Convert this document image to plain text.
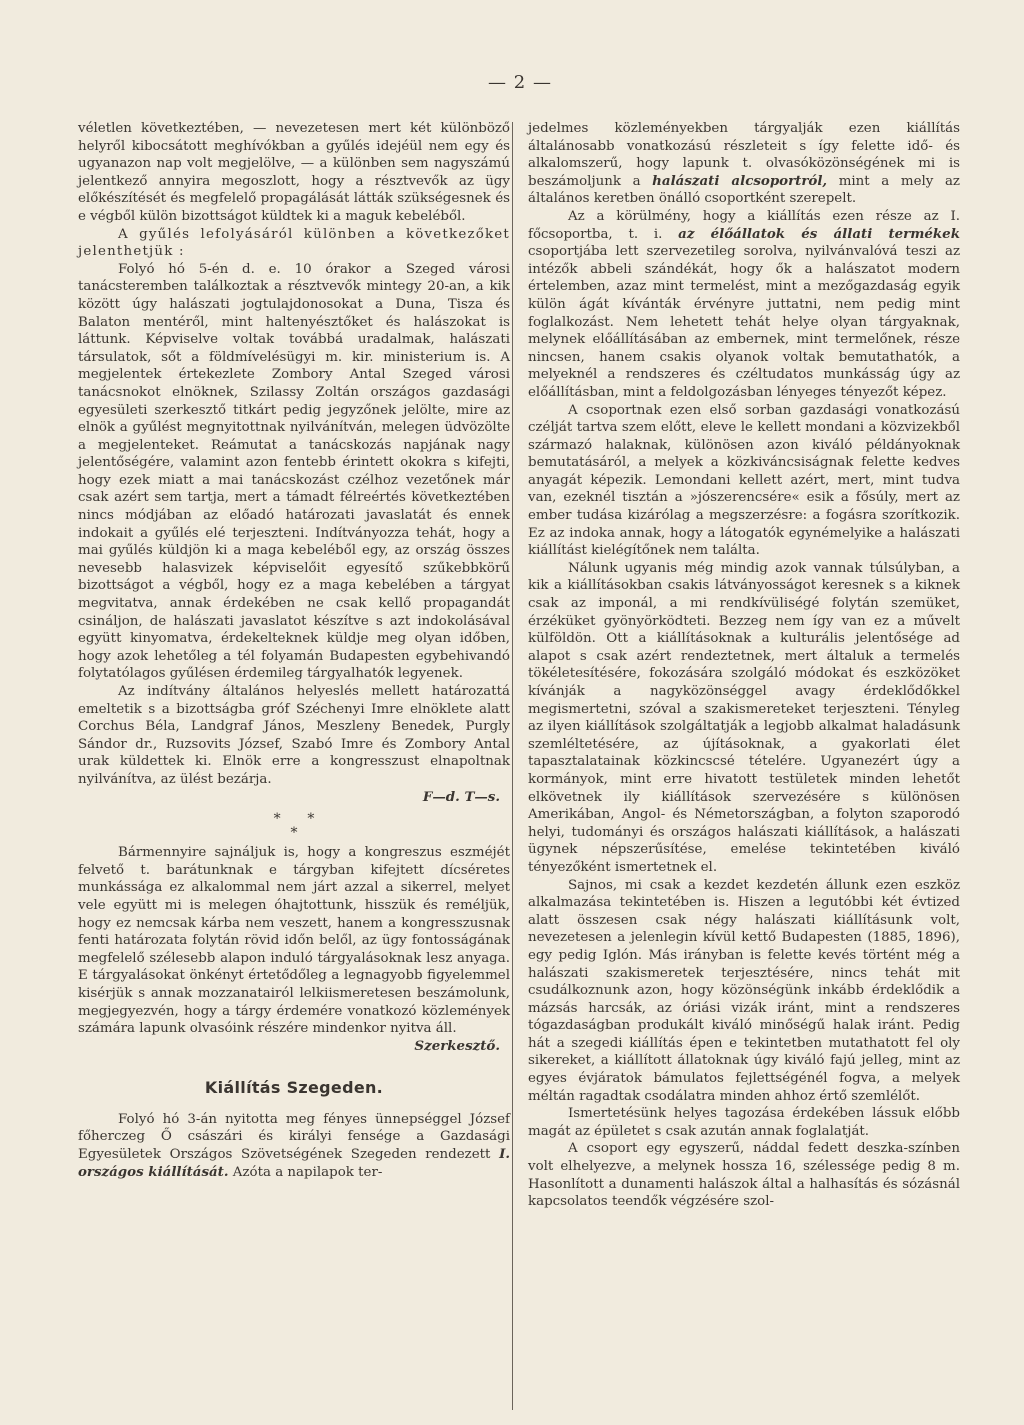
— 2 —

véletlen következtében, — nevezetesen mert két különböző helyről kibocsátott meghívókban a gyűlés idejéül nem egy és ugyanazon nap volt megjelölve, — a különben sem nagyszámú jelentkező annyira megoszlott, hogy a résztvevők az ügy előkészítését és megfelelő propagálását látták szükségesnek és e végből külön bizottságot küldtek ki a maguk kebeléből.

A gyűlés lefolyásáról különben a következőket jelenthetjük :

Folyó hó 5-én d. e. 10 órakor a Szeged városi tanácsteremben találkoztak a résztvevők mintegy 20-an, a kik között úgy halászati jogtulajdonosokat a Duna, Tisza és Balaton mentéről, mint haltenyésztőket és halászokat is láttunk. Képviselve voltak továbbá uradalmak, halászati társulatok, sőt a földmívelésügyi m. kir. ministerium is. A megjelentek értekezlete Zombory Antal Szeged városi tanácsnokot elnöknek, Szilassy Zoltán országos gazdasági egyesületi szerkesztő titkárt pedig jegyzőnek jelölte, mire az elnök a gyűlést megnyitottnak nyilvánítván, melegen üdvözölte a megjelenteket. Reámutat a tanácskozás napjának nagy jelentőségére, valamint azon fentebb érintett okokra s kifejti, hogy ezek miatt a mai tanácskozást czélhoz vezetőnek már csak azért sem tartja, mert a támadt félreértés következtében nincs módjában az előadó határozati javaslatát és ennek indokait a gyűlés elé terjeszteni. Indítványozza tehát, hogy a mai gyűlés küldjön ki a maga kebeléből egy, az ország összes nevesebb halasvizek képviselőit egyesítő szűkebbkörű bizottságot a végből, hogy ez a maga kebelében a tárgyat megvitatva, annak érdekében ne csak kellő propagandát csináljon, de halászati javaslatot készítve s azt indokolásával együtt kinyomatva, érdekelteknek küldje meg olyan időben, hogy azok lehetőleg a tél folyamán Budapesten egybehivandó folytatólagos gyűlésen érdemileg tárgyalhatók legyenek.

Az indítvány általános helyeslés mellett határozattá emeltetik s a bizottságba gróf Széchenyi Imre elnöklete alatt Corchus Béla, Landgraf János, Meszleny Benedek, Purgly Sándor dr., Ruzsovits József, Szabó Imre és Zombory Antal urak küldettek ki. Elnök erre a kongresszust elnapoltnak nyilvánítva, az ülést bezárja.

F—d. T—s.
*      *
*

Bármennyire sajnáljuk is, hogy a kongreszus eszméjét felvető t. barátunknak e tárgyban kifejtett dícséretes munkássága ez alkalommal nem járt azzal a sikerrel, melyet vele együtt mi is melegen óhajtottunk, hisszük és reméljük, hogy ez nemcsak kárba nem veszett, hanem a kongresszusnak fenti határozata folytán rövid időn belől, az ügy fontosságának megfelelő szélesebb alapon induló tárgyalásoknak lesz anyaga. E tárgyalásokat önkényt értetődőleg a legnagyobb figyelemmel kisérjük s annak mozzanatairól lelkiismeretesen beszámolunk, megjegyezvén, hogy a tárgy érdemére vonatkozó közlemények számára lapunk olvasóink részére mindenkor nyitva áll.

Szerkesztő.
Kiállítás Szegeden.

Folyó hó 3-án nyitotta meg fényes ünnepséggel József főherczeg Ő császári és királyi fensége a Gazdasági Egyesületek Országos Szövetségének Szegeden rendezett I. országos kiállítását. Azóta a napilapok ter-

jedelmes közleményekben tárgyalják ezen kiállítás általánosabb vonatkozású részleteit s így felette idő- és alkalomszerű, hogy lapunk t. olvasóközönségének mi is beszámoljunk a halászati alcsoportról, mint a mely az általános keretben önálló csoportként szerepelt.

Az a körülmény, hogy a kiállítás ezen része az I. főcsoportba, t. i. az élőállatok és állati termékek csoportjába lett szervezetileg sorolva, nyilvánvalóvá teszi az intézők abbeli szándékát, hogy ők a halászatot modern értelemben, azaz mint termelést, mint a mezőgazdaság egyik külön ágát kívánták érvényre juttatni, nem pedig mint foglalkozást. Nem lehetett tehát helye olyan tárgyaknak, melynek előállításában az embernek, mint termelőnek, része nincsen, hanem csakis olyanok voltak bemutathatók, a melyeknél a rendszeres és czéltudatos munkásság úgy az előállításban, mint a feldolgozásban lényeges tényezőt képez.

A csoportnak ezen első sorban gazdasági vonatkozású czélját tartva szem előtt, eleve le kellett mondani a közvizekből származó halaknak, különösen azon kiváló példányoknak bemutatásáról, a melyek a közkiváncsiságnak felette kedves anyagát képezik. Lemondani kellett azért, mert, mint tudva van, ezeknél tisztán a »jószerencsére« esik a fősúly, mert az ember tudása kizárólag a megszerzésre: a fogásra szorítkozik. Ez az indoka annak, hogy a látogatók egynémelyike a halászati kiállítást kielégítőnek nem találta.

Nálunk ugyanis még mindig azok vannak túlsúlyban, a kik a kiállításokban csakis látványosságot keresnek s a kiknek csak az imponál, a mi rendkívüliségé folytán szemüket, érzéküket gyönyörködteti. Bezzeg nem így van ez a művelt külföldön. Ott a kiállításoknak a kulturális jelentősége ad alapot s csak azért rendeztetnek, mert általuk a termelés tökéletesítésére, fokozására szolgáló módokat és eszközöket kívánják a nagyközönséggel avagy érdeklődőkkel megismertetni, szóval a szakismereteket terjeszteni. Tényleg az ilyen kiállítások szolgáltatják a legjobb alkalmat haladásunk szemléltetésére, az újításoknak, a gyakorlati élet tapasztalatainak közkincscsé tételére. Ugyanezért úgy a kormányok, mint erre hivatott testületek minden lehetőt elkövetnek ily kiállítások szervezésére s különösen Amerikában, Angol- és Németországban, a folyton szaporodó helyi, tudományi és országos halászati kiállítások, a halászati ügynek népszerűsítése, emelése tekintetében kiváló tényezőként ismertetnek el.

Sajnos, mi csak a kezdet kezdetén állunk ezen eszköz alkalmazása tekintetében is. Hiszen a legutóbbi két évtized alatt összesen csak négy halászati kiállításunk volt, nevezetesen a jelenlegin kívül kettő Budapesten (1885, 1896), egy pedig Iglón. Más irányban is felette kevés történt még a halászati szakismeretek terjesztésére, nincs tehát mit csudálkoznunk azon, hogy közönségünk inkább érdeklődik a mázsás harcsák, az óriási vizák iránt, mint a rendszeres tógazdaságban produkált kiváló minőségű halak iránt. Pedig hát a szegedi kiállítás épen e tekintetben mutathatott fel oly sikereket, a kiállított állatoknak úgy kiváló fajú jelleg, mint az egyes évjáratok bámulatos fejlettségénél fogva, a melyek méltán ragadtak csodálatra minden ahhoz értő szemlélőt.

Ismertetésünk helyes tagozása érdekében lássuk előbb magát az épületet s csak azután annak foglalatját.

A csoport egy egyszerű, náddal fedett deszka-színben volt elhelyezve, a melynek hossza 16, szélessége pedig 8 m. Hasonlított a dunamenti halászok által a halhasítás és sózásnál kapcsolatos teendők végzésére szol-
